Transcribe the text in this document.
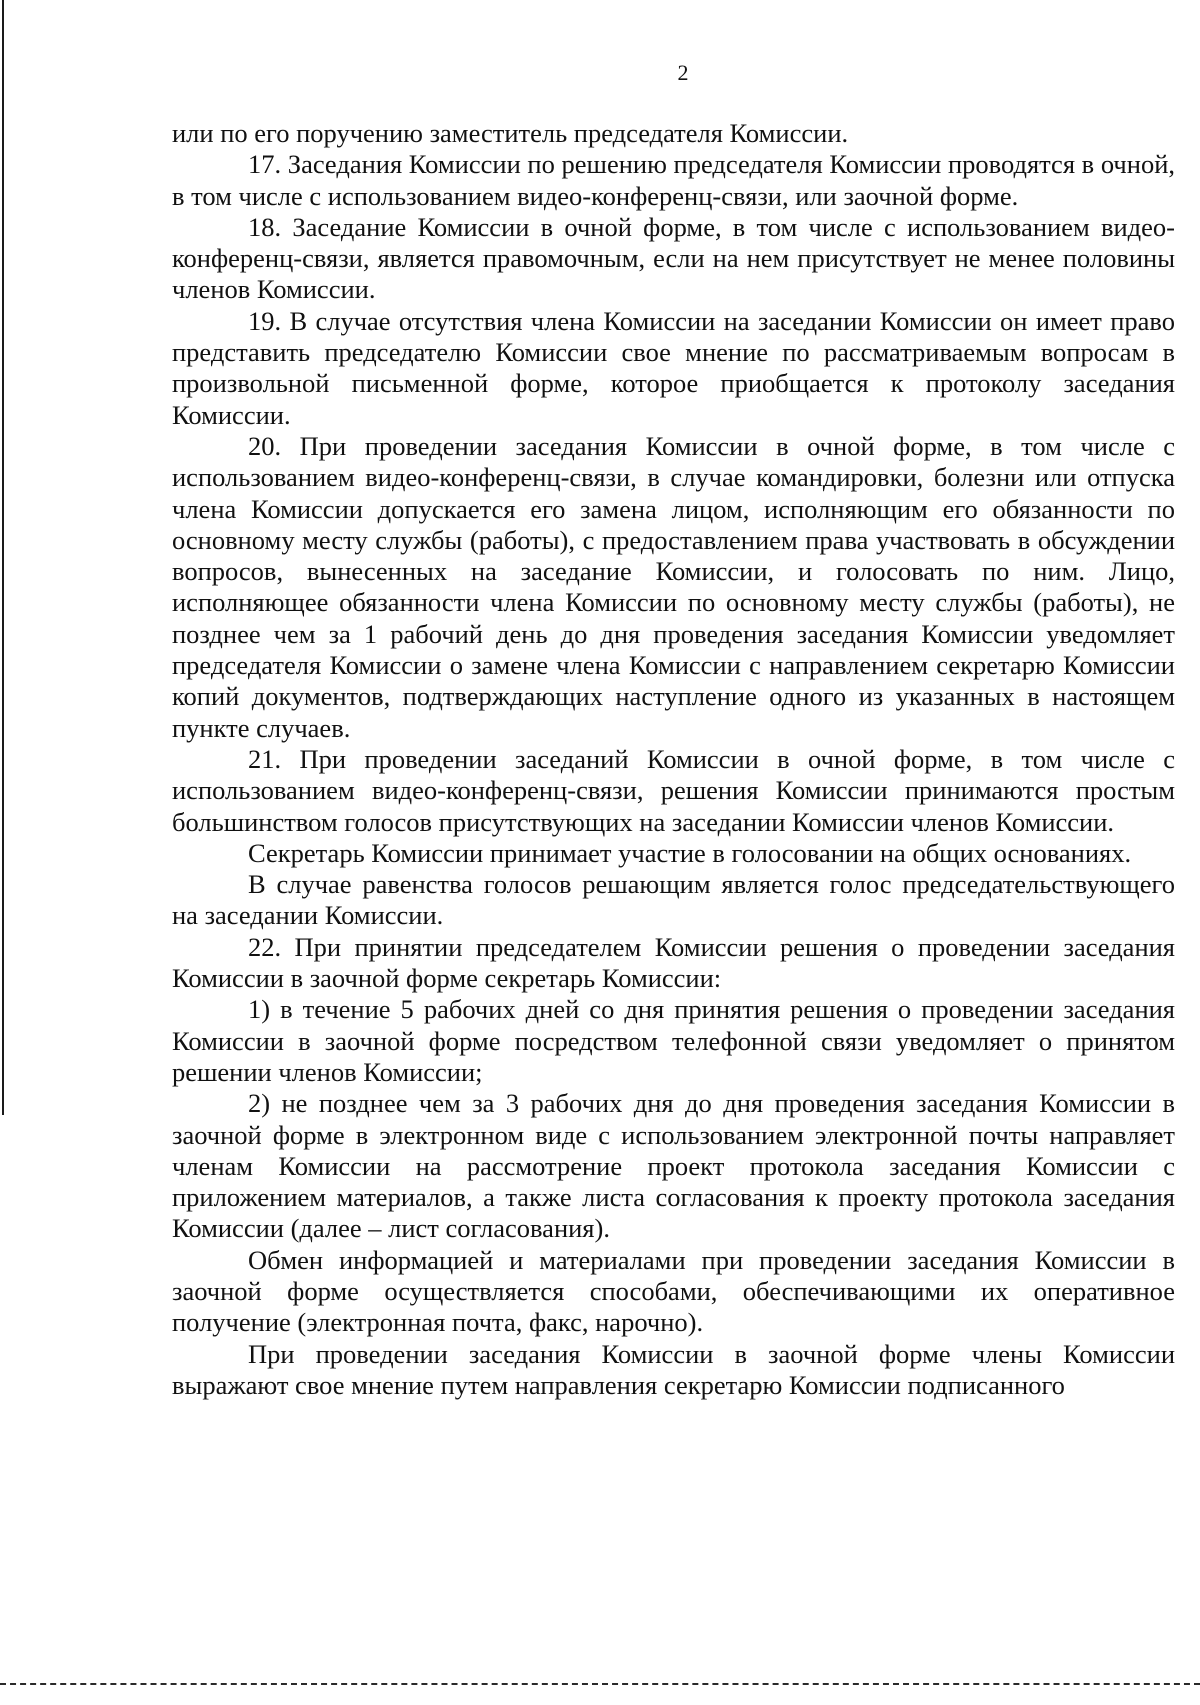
2

или по его поручению заместитель председателя Комиссии.

17. Заседания Комиссии по решению председателя Комиссии проводятся в очной, в том числе с использованием видео-конференц-связи, или заочной форме.

18. Заседание Комиссии в очной форме, в том числе с использованием видео-конференц-связи, является правомочным, если на нем присутствует не менее половины членов Комиссии.

19. В случае отсутствия члена Комиссии на заседании Комиссии он имеет право представить председателю Комиссии свое мнение по рассматриваемым вопросам в произвольной письменной форме, которое приобщается к протоколу заседания Комиссии.

20. При проведении заседания Комиссии в очной форме, в том числе с использованием видео-конференц-связи, в случае командировки, болезни или отпуска члена Комиссии допускается его замена лицом, исполняющим его обязанности по основному месту службы (работы), с предоставлением права участвовать в обсуждении вопросов, вынесенных на заседание Комиссии, и голосовать по ним. Лицо, исполняющее обязанности члена Комиссии по основному месту службы (работы), не позднее чем за 1 рабочий день до дня проведения заседания Комиссии уведомляет председателя Комиссии о замене члена Комиссии с направлением секретарю Комиссии копий документов, подтверждающих наступление одного из указанных в настоящем пункте случаев.

21. При проведении заседаний Комиссии в очной форме, в том числе с использованием видео-конференц-связи, решения Комиссии принимаются простым большинством голосов присутствующих на заседании Комиссии членов Комиссии.

Секретарь Комиссии принимает участие в голосовании на общих основаниях.

В случае равенства голосов решающим является голос председательствующего на заседании Комиссии.

22. При принятии председателем Комиссии решения о проведении заседания Комиссии в заочной форме секретарь Комиссии:

1) в течение 5 рабочих дней со дня принятия решения о проведении заседания Комиссии в заочной форме посредством телефонной связи уведомляет о принятом решении членов Комиссии;

2) не позднее чем за 3 рабочих дня до дня проведения заседания Комиссии в заочной форме в электронном виде с использованием электронной почты направляет членам Комиссии на рассмотрение проект протокола заседания Комиссии с приложением материалов, а также листа согласования к проекту протокола заседания Комиссии (далее – лист согласования).

Обмен информацией и материалами при проведении заседания Комиссии в заочной форме осуществляется способами, обеспечивающими их оперативное получение (электронная почта, факс, нарочно).

При проведении заседания Комиссии в заочной форме члены Комиссии выражают свое мнение путем направления секретарю Комиссии подписанного
